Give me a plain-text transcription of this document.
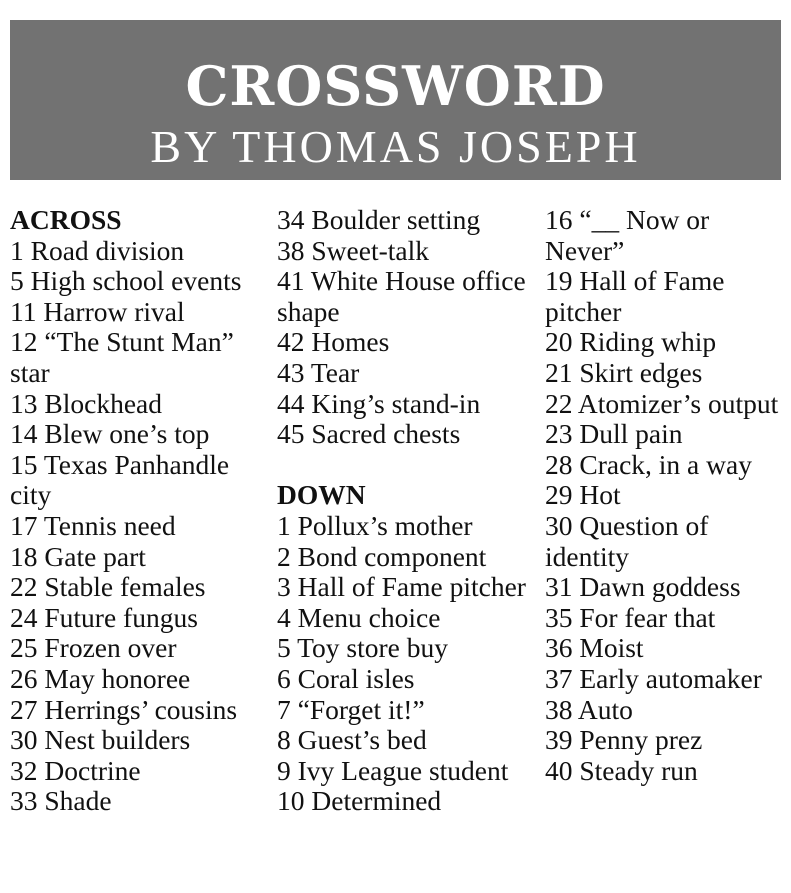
CROSSWORD
BY THOMAS JOSEPH
ACROSS
1 Road division
5 High school events
11 Harrow rival
12 “The Stunt Man” star
13 Blockhead
14 Blew one’s top
15 Texas Panhandle city
17 Tennis need
18 Gate part
22 Stable females
24 Future fungus
25 Frozen over
26 May honoree
27 Herrings’ cousins
30 Nest builders
32 Doctrine
33 Shade
34 Boulder setting
38 Sweet-talk
41 White House office shape
42 Homes
43 Tear
44 King’s stand-in
45 Sacred chests
DOWN
1 Pollux’s mother
2 Bond component
3 Hall of Fame pitcher
4 Menu choice
5 Toy store buy
6 Coral isles
7 “Forget it!”
8 Guest’s bed
9 Ivy League student
10 Determined
16 “__ Now or Never”
19 Hall of Fame pitcher
20 Riding whip
21 Skirt edges
22 Atomizer’s output
23 Dull pain
28 Crack, in a way
29 Hot
30 Question of identity
31 Dawn goddess
35 For fear that
36 Moist
37 Early automaker
38 Auto
39 Penny prez
40 Steady run
